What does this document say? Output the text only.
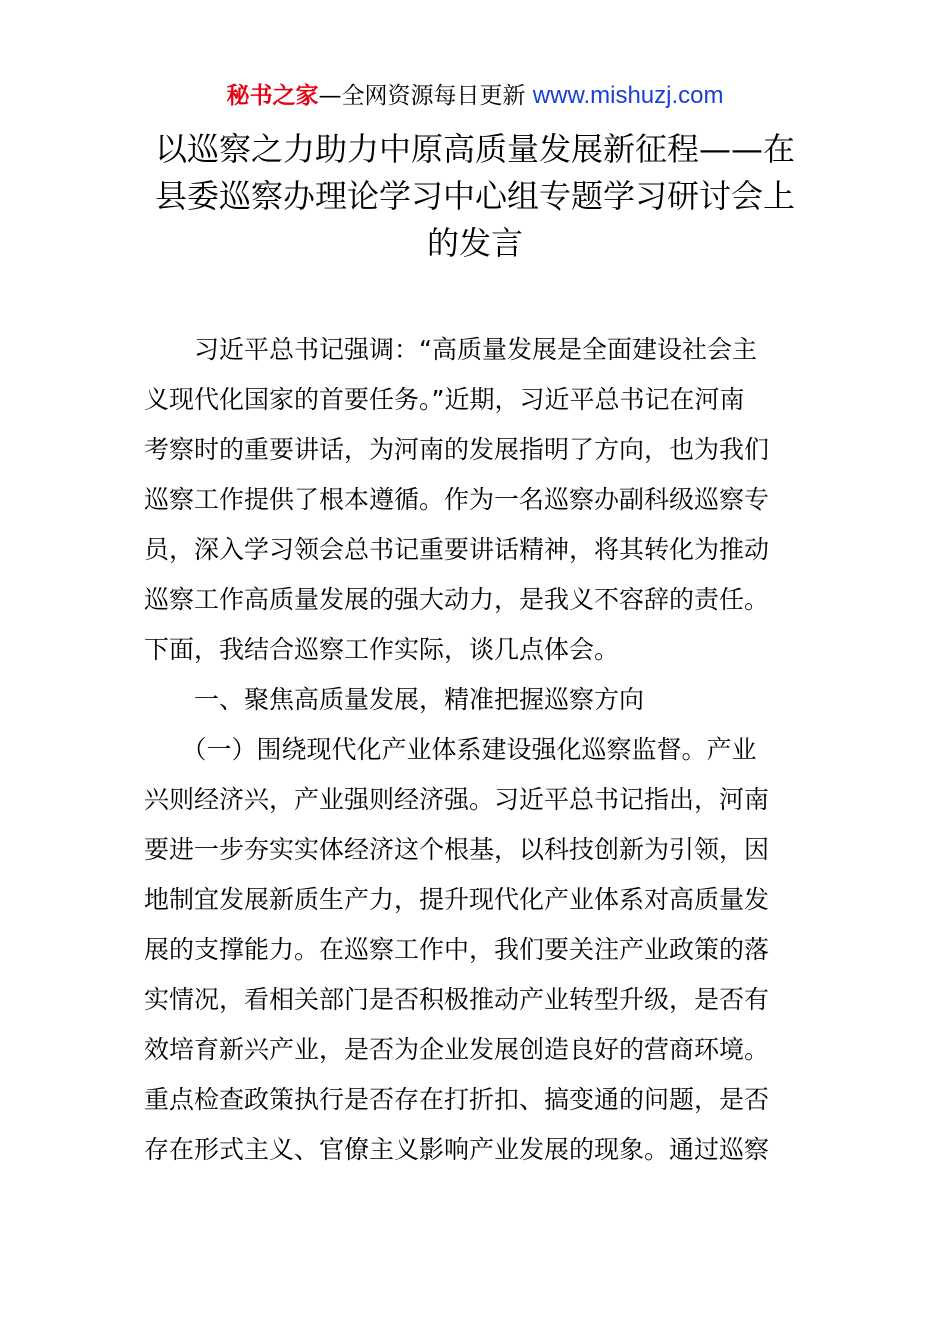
秘书之家—全网资源每日更新 www.mishuzj.com
以巡察之力助力中原高质量发展新征程——在
县委巡察办理论学习中心组专题学习研讨会上
的发言
　　习近平总书记强调：“高质量发展是全面建设社会主
义现代化国家的首要任务。”近期，习近平总书记在河南
考察时的重要讲话，为河南的发展指明了方向，也为我们
巡察工作提供了根本遵循。作为一名巡察办副科级巡察专
员，深入学习领会总书记重要讲话精神，将其转化为推动
巡察工作高质量发展的强大动力，是我义不容辞的责任。
下面，我结合巡察工作实际，谈几点体会。
　　一、聚焦高质量发展，精准把握巡察方向
　　（一）围绕现代化产业体系建设强化巡察监督。产业
兴则经济兴，产业强则经济强。习近平总书记指出，河南
要进一步夯实实体经济这个根基，以科技创新为引领，因
地制宜发展新质生产力，提升现代化产业体系对高质量发
展的支撑能力。在巡察工作中，我们要关注产业政策的落
实情况，看相关部门是否积极推动产业转型升级，是否有
效培育新兴产业，是否为企业发展创造良好的营商环境。
重点检查政策执行是否存在打折扣、搞变通的问题，是否
存在形式主义、官僚主义影响产业发展的现象。通过巡察
